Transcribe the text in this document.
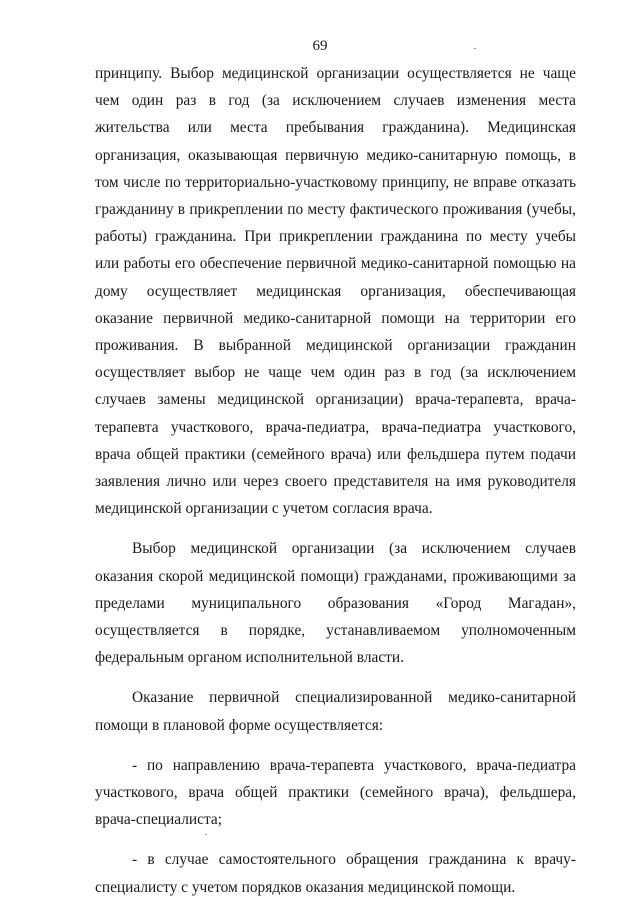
69

принципу. Выбор медицинской организации осуществляется не чаще чем один раз в год (за исключением случаев изменения места жительства или места пребывания гражданина). Медицинская организация, оказывающая первичную медико-санитарную помощь, в том числе по территориально-участковому принципу, не вправе отказать гражданину в прикреплении по месту фактического проживания (учебы, работы) гражданина. При прикреплении гражданина по месту учебы или работы его обеспечение первичной медико-санитарной помощью на дому осуществляет медицинская организация, обеспечивающая оказание первичной медико-санитарной помощи на территории его проживания. В выбранной медицинской организации гражданин осуществляет выбор не чаще чем один раз в год (за исключением случаев замены медицинской организации) врача-терапевта, врача-терапевта участкового, врача-педиатра, врача-педиатра участкового, врача общей практики (семейного врача) или фельдшера путем подачи заявления лично или через своего представителя на имя руководителя медицинской организации с учетом согласия врача.

Выбор медицинской организации (за исключением случаев оказания скорой медицинской помощи) гражданами, проживающими за пределами муниципального образования «Город Магадан», осуществляется в порядке, устанавливаемом уполномоченным федеральным органом исполнительной власти.

Оказание первичной специализированной медико-санитарной помощи в плановой форме осуществляется:

- по направлению врача-терапевта участкового, врача-педиатра участкового, врача общей практики (семейного врача), фельдшера, врача-специалиста;

- в случае самостоятельного обращения гражданина к врачу-специалисту с учетом порядков оказания медицинской помощи.
